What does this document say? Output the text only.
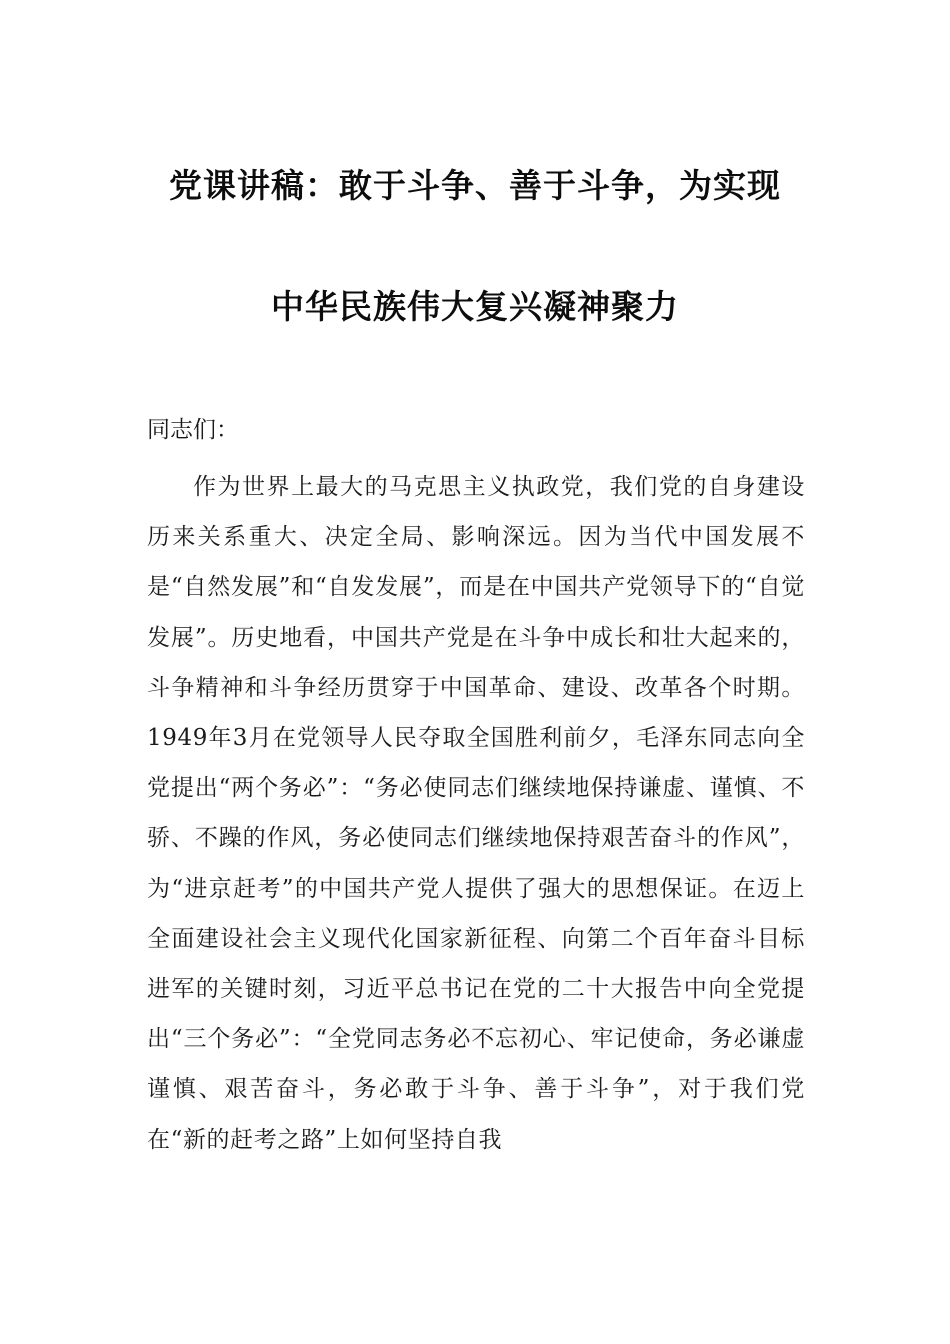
党课讲稿：敢于斗争、善于斗争，为实现
中华民族伟大复兴凝神聚力
同志们：
作为世界上最大的马克思主义执政党，我们党的自身建设历来关系重大、决定全局、影响深远。因为当代中国发展不是“自然发展”和“自发发展”，而是在中国共产党领导下的“自觉发展”。历史地看，中国共产党是在斗争中成长和壮大起来的，斗争精神和斗争经历贯穿于中国革命、建设、改革各个时期。1949年3月在党领导人民夺取全国胜利前夕，毛泽东同志向全党提出“两个务必”：“务必使同志们继续地保持谦虚、谨慎、不骄、不躁的作风，务必使同志们继续地保持艰苦奋斗的作风”，为“进京赶考”的中国共产党人提供了强大的思想保证。在迈上全面建设社会主义现代化国家新征程、向第二个百年奋斗目标进军的关键时刻，习近平总书记在党的二十大报告中向全党提出“三个务必”：“全党同志务必不忘初心、牢记使命，务必谦虚谨慎、艰苦奋斗，务必敢于斗争、善于斗争”，对于我们党在“新的赶考之路”上如何坚持自我
